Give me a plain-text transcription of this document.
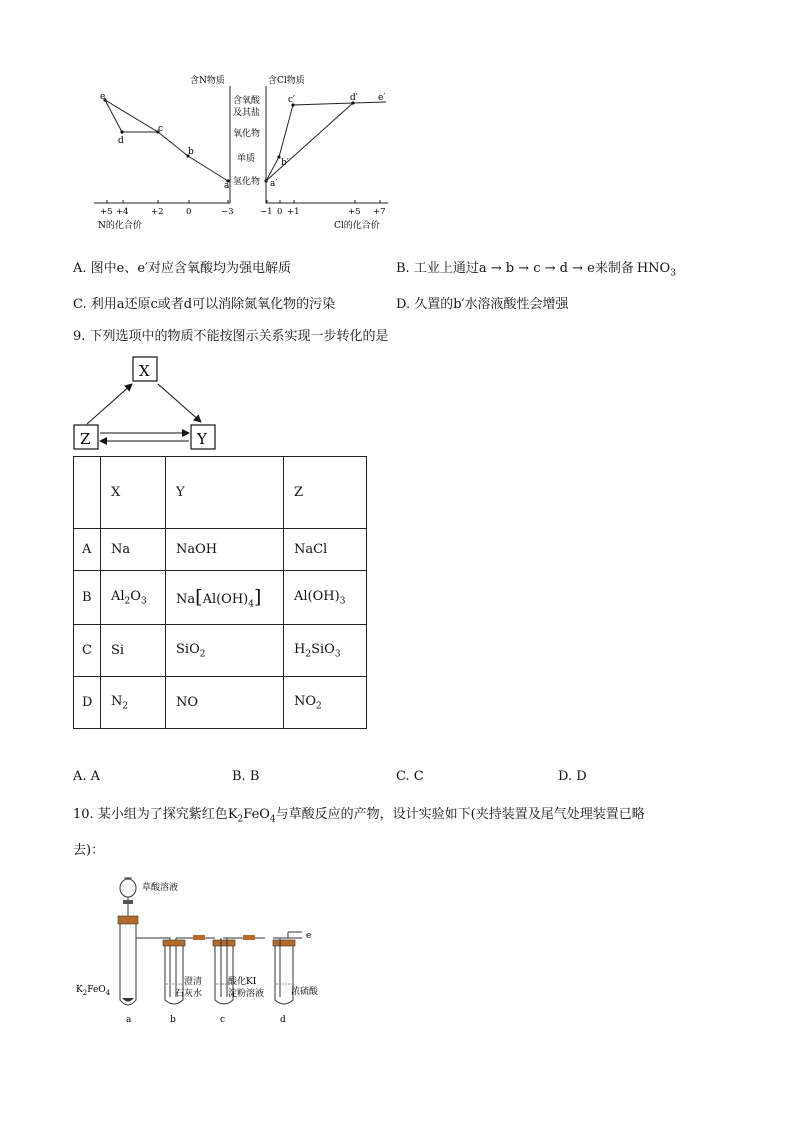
含N物质	含Cl物质
含氧酸
及其盐
氧化物
单质
氢化物
e
d
c
b
a	a′
b′
c′	d′ e′
+5 +4	+2	0	−3	−1 0 +1	+5 +7
N的化合价	Cl的化合价
A. 图中e、e′对应含氧酸均为强电解质	B. 工业上通过a → b → c → d → e来制备 $HNO_3$
C. 利用a还原c或者d可以消除氮氧化物的污染	D. 久置的b′水溶液酸性会增强
9. 下列选项中的物质不能按图示关系实现一步转化的是
X
Z	Y
	X	Y	Z
A	Na	NaOH	NaCl
B	$Al_2O_3$	$Na[Al(OH)_4]$	$Al(OH)_3$
C	Si	SiO$_2$	$H_2SiO_3$
D	$N_2$	NO	$NO_2$
A. A	B. B	C. C	D. D
10. 某小组为了探究紫红色$K_2FeO_4$与草酸反应的产物，设计实验如下(夹持装置及尾气处理装置已略
去)：
草酸溶液
$K_2FeO_4$
e
澄清
石灰水
酸化KI
淀粉溶液	浓硫酸
a	b	c	d
